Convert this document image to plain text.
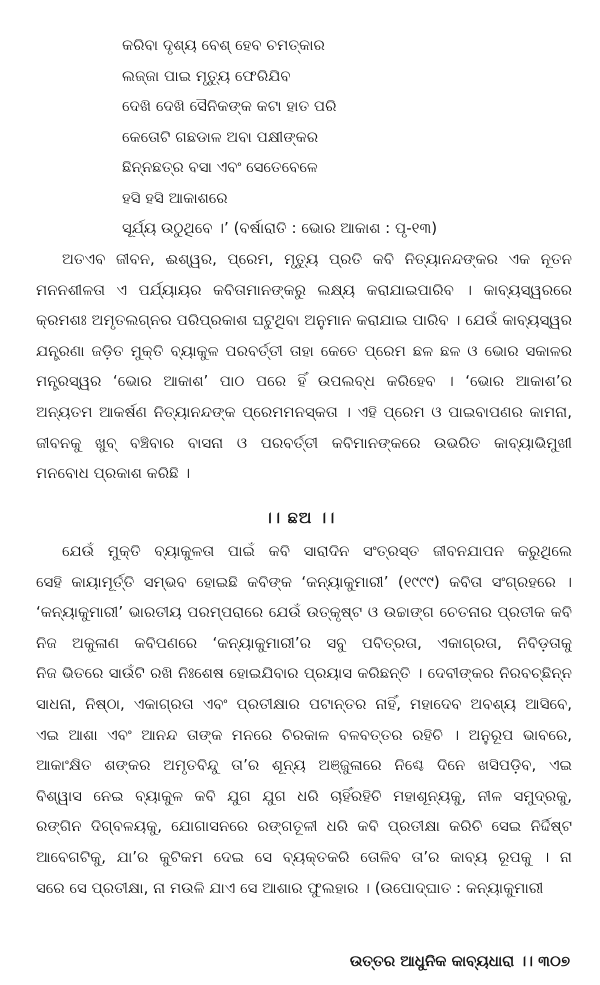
କରିବା ଦୃଶ୍ୟ ବେଶ୍ ହେବ ଚମତ୍କାର
ଲଜ୍ଜା ପାଇ ମୃତ୍ୟୁ ଫେରିଯିବ
ଦେଖି ଦେଖି ସୈନିକଙ୍କ କଟା ହାତ ପରି
କେତୋଟି ଗଛଡାଳ ଅବା ପକ୍ଷୀଙ୍କର
ଛିନ୍ନଛତ୍ର ବସା ଏବଂ ସେତେବେଳେ
ହସି ହସି ଆକାଶରେ
ସୂର୍ଯ୍ୟ ଉଠୁଥିବେ ।’ (ବର୍ଷାରାତି : ଭୋର ଆକାଶ : ପୃ-୧୩)
ଅତଏବ ଜୀବନ, ଈଶ୍ୱର, ପ୍ରେମ, ମୃତ୍ୟୁ ପ୍ରତି କବି ନିତ୍ୟାନନ୍ଦଙ୍କର ଏକ ନୂତନ
ମନନଶୀଳତା ଏ ପର୍ଯ୍ୟାୟର କବିତାମାନଙ୍କରୁ ଲକ୍ଷ୍ୟ କରାଯାଇପାରିବ । କାବ୍ୟସ୍ୱରରେ
କ୍ରମଶଃ ଅମୃତଲଗ୍ନର ପରିପ୍ରକାଶ ଘଟୁଥିବା ଅନୁମାନ କରାଯାଇ ପାରିବ । ଯେଉଁ କାବ୍ୟସ୍ୱର
ଯନ୍ତ୍ରଣା ଜଡ଼ିତ ମୁକ୍ତି ବ୍ୟାକୁଳ ପରବର୍ତ୍ତୀ ତାହା କେତେ ପ୍ରେମ ଛଳ ଛଳ ଓ ଭୋର ସକାଳର
ମନ୍ତ୍ରସ୍ୱର ‘ଭୋର ଆକାଶ’ ପାଠ ପରେ ହିଁ ଉପଲବ୍ଧ କରିହେବ । ‘ଭୋର ଆକାଶ’ର
ଅନ୍ୟତମ ଆକର୍ଷଣ ନିତ୍ୟାନନ୍ଦଙ୍କ ପ୍ରେମମନସ୍କତା । ଏହି ପ୍ରେମ ଓ ପାଇବାପଣର କାମନା,
ଜୀବନକୁ ଖୁବ୍ ବଞ୍ଚିବାର ବାସନା ଓ ପରବର୍ତ୍ତୀ କବିମାନଙ୍କରେ ଉଭରିତ କାବ୍ୟାଭିମୁଖୀ
ମନବୋଧ ପ୍ରକାଶ କରିଛି ।
।। ଛଅ ।।
ଯେଉଁ ମୁକ୍ତି ବ୍ୟାକୁଳତା ପାଇଁ କବି ସାରାଦିନ ସଂତ୍ରସ୍ତ ଜୀବନଯାପନ କରୁଥିଲେ
ସେହି କାୟାମୂର୍ତ୍ତି ସମ୍ଭବ ହୋଇଛି କବିଙ୍କ ‘କନ୍ୟାକୁମାରୀ’ (୧୯୯୯) କବିତା ସଂଗ୍ରହରେ ।
‘କନ୍ୟାକୁମାରୀ’ ଭାରତୀୟ ପରମ୍ପରାରେ ଯେଉଁ ଉତ୍କୃଷ୍ଟ ଓ ଉଚ୍ଚାଙ୍ଗ ଚେତନାର ପ୍ରତୀକ କବି
ନିଜ ଅକୁଳାଣ କବିପଣରେ ‘କନ୍ୟାକୁମାରୀ’ର ସବୁ ପବିତ୍ରତା, ଏକାଗ୍ରତା, ନିବିଡ଼ତାକୁ
ନିଜ ଭିତରେ ସାଉଁଟି ରଖି ନିଃଶେଷ ହୋଇଯିବାର ପ୍ରୟାସ କରିଛନ୍ତି । ଦେବୀଙ୍କର ନିରବଚ୍ଛିନ୍ନ
ସାଧନା, ନିଷ୍ଠା, ଏକାଗ୍ରତା ଏବଂ ପ୍ରତୀକ୍ଷାର ପଟାନ୍ତର ନାହିଁ, ମହାଦେବ ଅବଶ୍ୟ ଆସିବେ,
ଏଇ ଆଶା ଏବଂ ଆନନ୍ଦ ତାଙ୍କ ମନରେ ଚିରକାଳ ବଳବତ୍ତର ରହିଚି । ଅନୁରୂପ ଭାବରେ,
ଆକାଂକ୍ଷିତ ଶଙ୍କର ଅମୃତବିନ୍ଦୁ ତା’ର ଶୂନ୍ୟ ଅଞ୍ଜୁଳାରେ ନିଶ୍ଚେ ଦିନେ ଖସିପଡ଼ିବ, ଏଇ
ବିଶ୍ୱାସ ନେଇ ବ୍ୟାକୁଳ କବି ଯୁଗ ଯୁଗ ଧରି ଚାହିଁରହିଚି ମହାଶୂନ୍ୟକୁ, ନୀଳ ସମୁଦ୍ରକୁ,
ରଙ୍ଗିନ ଦିଗ୍‌ବଳୟକୁ, ଯୋଗାସନରେ ରଙ୍ଗତୂଳୀ ଧରି କବି ପ୍ରତୀକ୍ଷା କରିଚି ସେଇ ନିର୍ଦ୍ଦିଷ୍ଟ
ଆବେଗଟିକୁ, ଯା’ର କୁଟିକମ ଦେଇ ସେ ବ୍ୟକ୍ତକରି ତୋଳିବ ତା’ର କାବ୍ୟ ରୂପକୁ । ନା
ସରେ ସେ ପ୍ରତୀକ୍ଷା, ନା ମଉଳି ଯାଏ ସେ ଆଶାର ଫୁଲହାର । (ଉପୋଦ୍‌ଘାତ : କନ୍ୟାକୁମାରୀ
ଉତ୍ତର ଆଧୁନିକ କାବ୍ୟଧାରା ।। ୩୦୭
